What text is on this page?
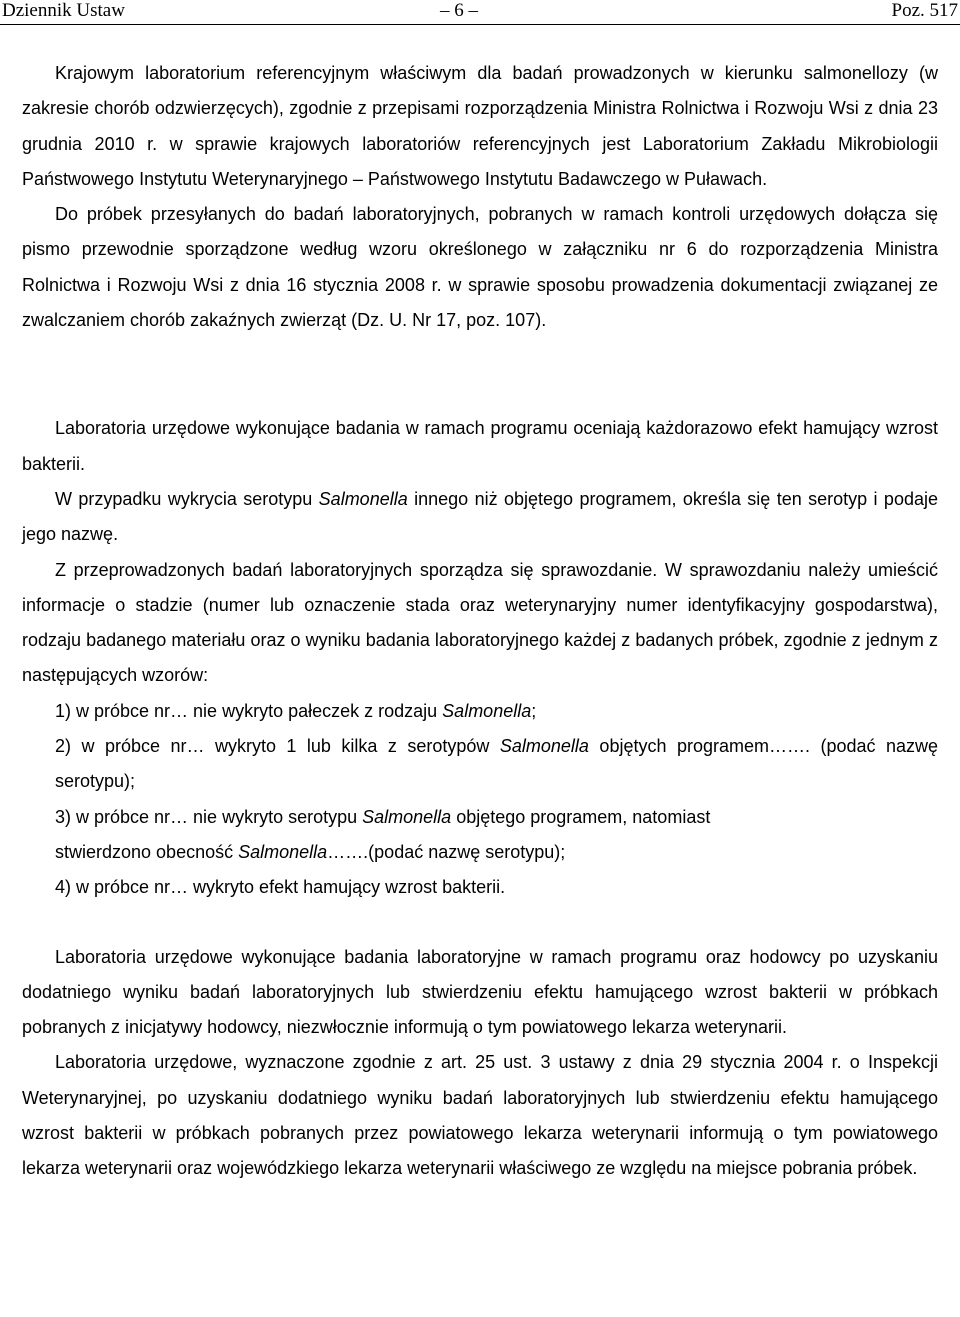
Dziennik Ustaw	– 6 –	Poz. 517

Krajowym laboratorium referencyjnym właściwym dla badań prowadzonych w kierunku salmonellozy (w zakresie chorób odzwierzęcych), zgodnie z przepisami rozporządzenia Ministra Rolnictwa i Rozwoju Wsi z dnia 23 grudnia 2010 r. w sprawie krajowych laboratoriów referencyjnych jest Laboratorium Zakładu Mikrobiologii Państwowego Instytutu Weterynaryjnego – Państwowego Instytutu Badawczego w Puławach.

Do próbek przesyłanych do badań laboratoryjnych, pobranych w ramach kontroli urzędowych dołącza się pismo przewodnie sporządzone według wzoru określonego w załączniku nr 6 do rozporządzenia Ministra Rolnictwa i Rozwoju Wsi z dnia 16 stycznia 2008 r. w sprawie sposobu prowadzenia dokumentacji związanej ze zwalczaniem chorób zakaźnych zwierząt (Dz. U. Nr 17, poz. 107).

Laboratoria urzędowe wykonujące badania w ramach programu oceniają każdorazowo efekt hamujący wzrost bakterii.

W przypadku wykrycia serotypu Salmonella innego niż objętego programem, określa się ten serotyp i podaje jego nazwę.

Z przeprowadzonych badań laboratoryjnych sporządza się sprawozdanie. W sprawozdaniu należy umieścić informacje o stadzie (numer lub oznaczenie stada oraz weterynaryjny numer identyfikacyjny gospodarstwa), rodzaju badanego materiału oraz o wyniku badania laboratoryjnego każdej z badanych próbek, zgodnie z jednym z następujących wzorów:

1) w próbce nr… nie wykryto pałeczek z rodzaju Salmonella;
2) w próbce nr… wykryto 1 lub kilka z serotypów Salmonella objętych programem……. (podać nazwę serotypu);
3) w próbce nr… nie wykryto serotypu Salmonella objętego programem, natomiast
stwierdzono obecność Salmonella…….(podać nazwę serotypu);
4) w próbce nr… wykryto efekt hamujący wzrost bakterii.

Laboratoria urzędowe wykonujące badania laboratoryjne w ramach programu oraz hodowcy po uzyskaniu dodatniego wyniku badań laboratoryjnych lub stwierdzeniu efektu hamującego wzrost bakterii w próbkach pobranych z inicjatywy hodowcy, niezwłocznie informują o tym powiatowego lekarza weterynarii.

Laboratoria urzędowe, wyznaczone zgodnie z art. 25 ust. 3 ustawy z dnia 29 stycznia 2004 r. o Inspekcji Weterynaryjnej, po uzyskaniu dodatniego wyniku badań laboratoryjnych lub stwierdzeniu efektu hamującego wzrost bakterii w próbkach pobranych przez powiatowego lekarza weterynarii informują o tym powiatowego lekarza weterynarii oraz wojewódzkiego lekarza weterynarii właściwego ze względu na miejsce pobrania próbek.
